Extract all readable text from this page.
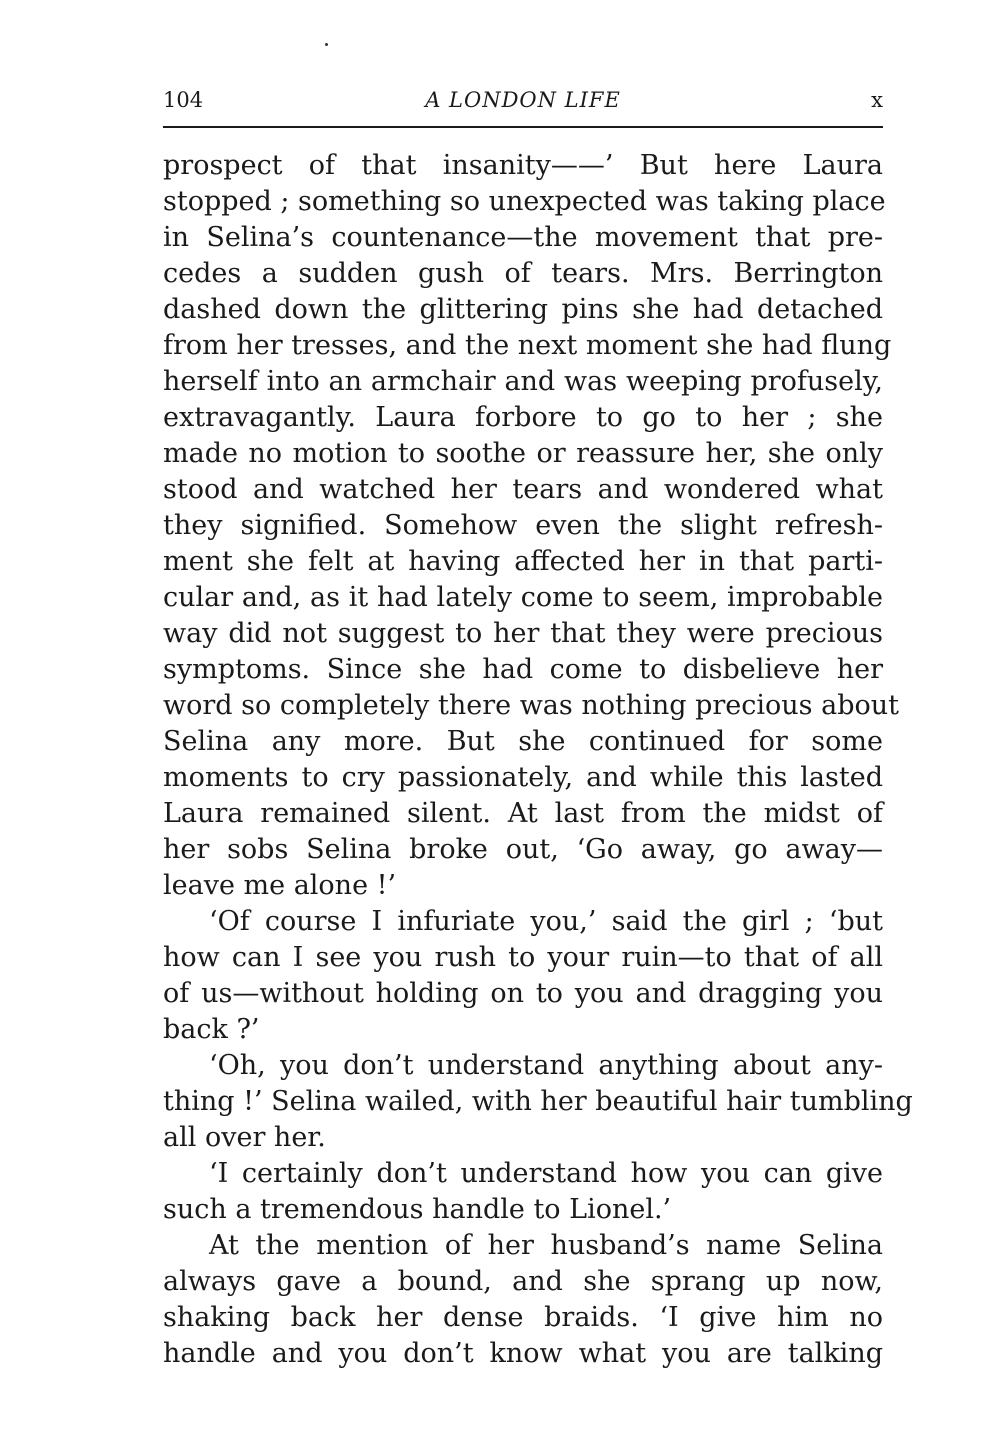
104	A LONDON LIFE	x
prospect of that insanity——’ But here Laura
stopped ; something so unexpected was taking place
in Selina’s countenance—the movement that pre-
cedes a sudden gush of tears. Mrs. Berrington
dashed down the glittering pins she had detached
from her tresses, and the next moment she had flung
herself into an armchair and was weeping profusely,
extravagantly. Laura forbore to go to her ; she
made no motion to soothe or reassure her, she only
stood and watched her tears and wondered what
they signified. Somehow even the slight refresh-
ment she felt at having affected her in that parti-
cular and, as it had lately come to seem, improbable
way did not suggest to her that they were precious
symptoms. Since she had come to disbelieve her
word so completely there was nothing precious about
Selina any more. But she continued for some
moments to cry passionately, and while this lasted
Laura remained silent. At last from the midst of
her sobs Selina broke out, ‘Go away, go away—
leave me alone !’
‘Of course I infuriate you,’ said the girl ; ‘but
how can I see you rush to your ruin—to that of all
of us—without holding on to you and dragging you
back ?’
‘Oh, you don’t understand anything about any-
thing !’ Selina wailed, with her beautiful hair tumbling
all over her.
‘I certainly don’t understand how you can give
such a tremendous handle to Lionel.’
At the mention of her husband’s name Selina
always gave a bound, and she sprang up now,
shaking back her dense braids. ‘I give him no
handle and you don’t know what you are talking
